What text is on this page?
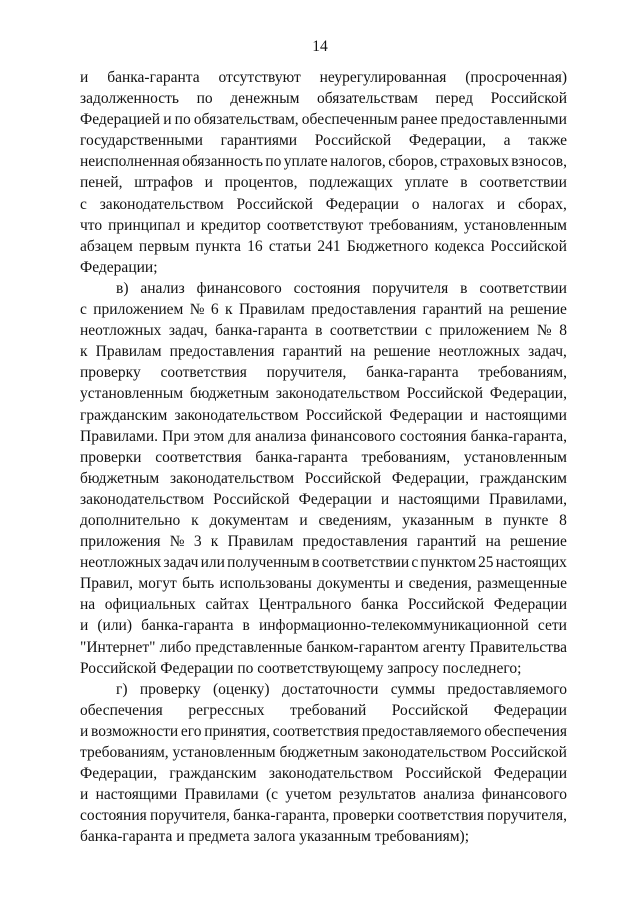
14
и банка-гаранта отсутствуют неурегулированная (просроченная)
задолженность по денежным обязательствам перед Российской
Федерацией и по обязательствам, обеспеченным ранее предоставленными
государственными гарантиями Российской Федерации, а также
неисполненная обязанность по уплате налогов, сборов, страховых взносов,
пеней, штрафов и процентов, подлежащих уплате в соответствии
с законодательством Российской Федерации о налогах и сборах,
что принципал и кредитор соответствуют требованиям, установленным
абзацем первым пункта 16 статьи 241 Бюджетного кодекса Российской
Федерации;
в) анализ финансового состояния поручителя в соответствии
с приложением № 6 к Правилам предоставления гарантий на решение
неотложных задач, банка-гаранта в соответствии с приложением № 8
к Правилам предоставления гарантий на решение неотложных задач,
проверку соответствия поручителя, банка-гаранта требованиям,
установленным бюджетным законодательством Российской Федерации,
гражданским законодательством Российской Федерации и настоящими
Правилами. При этом для анализа финансового состояния банка-гаранта,
проверки соответствия банка-гаранта требованиям, установленным
бюджетным законодательством Российской Федерации, гражданским
законодательством Российской Федерации и настоящими Правилами,
дополнительно к документам и сведениям, указанным в пункте 8
приложения № 3 к Правилам предоставления гарантий на решение
неотложных задач или полученным в соответствии с пунктом 25 настоящих
Правил, могут быть использованы документы и сведения, размещенные
на официальных сайтах Центрального банка Российской Федерации
и (или) банка-гаранта в информационно-телекоммуникационной сети
"Интернет" либо представленные банком-гарантом агенту Правительства
Российской Федерации по соответствующему запросу последнего;
г) проверку (оценку) достаточности суммы предоставляемого
обеспечения регрессных требований Российской Федерации
и возможности его принятия, соответствия предоставляемого обеспечения
требованиям, установленным бюджетным законодательством Российской
Федерации, гражданским законодательством Российской Федерации
и настоящими Правилами (с учетом результатов анализа финансового
состояния поручителя, банка-гаранта, проверки соответствия поручителя,
банка-гаранта и предмета залога указанным требованиям);
